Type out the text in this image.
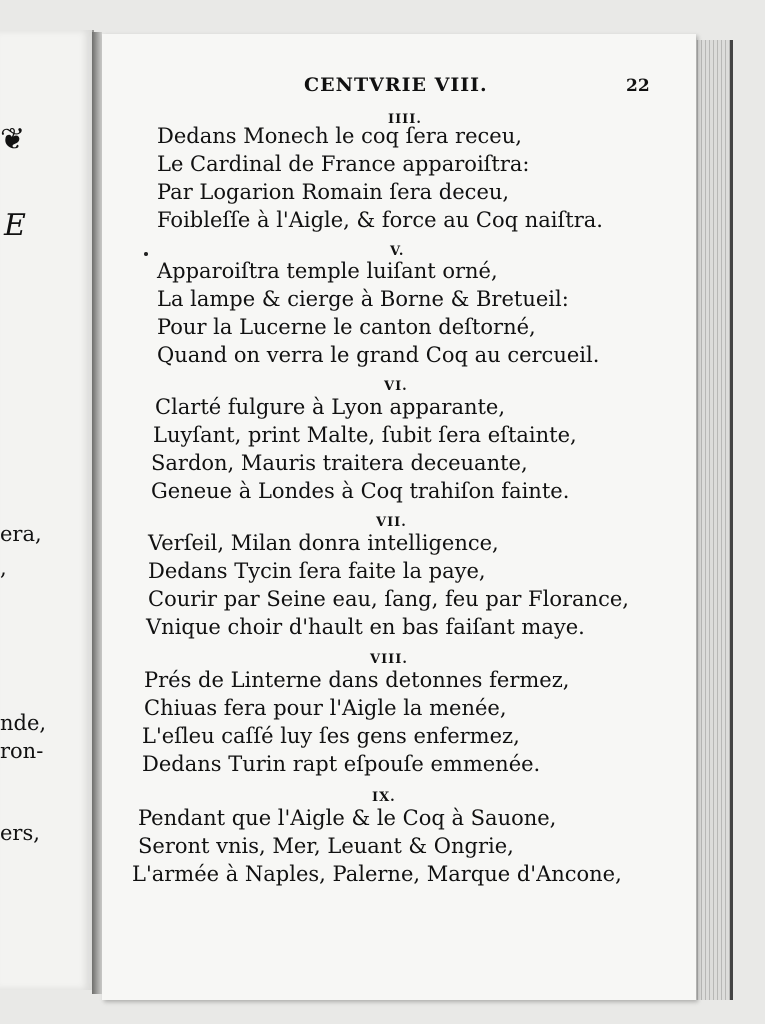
❦
E
era,
,
nde,
ron-
ers,
CENTVRIE VIII.	22
IIII.
Dedans Monech le coq ſera receu,
Le Cardinal de France apparoiſtra:
Par Logarion Romain ſera deceu,
Foibleſſe à l'Aigle, & force au Coq naiſtra.
V.
Apparoiſtra temple luiſant orné,
La lampe & cierge à Borne & Bretueil:
Pour la Lucerne le canton deſtorné,
Quand on verra le grand Coq au cercueil.
VI.
Clarté fulgure à Lyon apparante,
Luyſant, print Malte, ſubit ſera eſtainte,
Sardon, Mauris traitera deceuante,
Geneue à Londes à Coq trahiſon fainte.
VII.
Verſeil, Milan donra intelligence,
Dedans Tycin ſera faite la paye,
Courir par Seine eau, ſang, feu par Florance,
Vnique choir d'hault en bas faiſant maye.
VIII.
Prés de Linterne dans detonnes fermez,
Chiuas fera pour l'Aigle la menée,
L'eſleu caſſé luy ſes gens enfermez,
Dedans Turin rapt eſpouſe emmenée.
IX.
Pendant que l'Aigle & le Coq à Sauone,
Seront vnis, Mer, Leuant & Ongrie,
L'armée à Naples, Palerne, Marque d'Ancone,
